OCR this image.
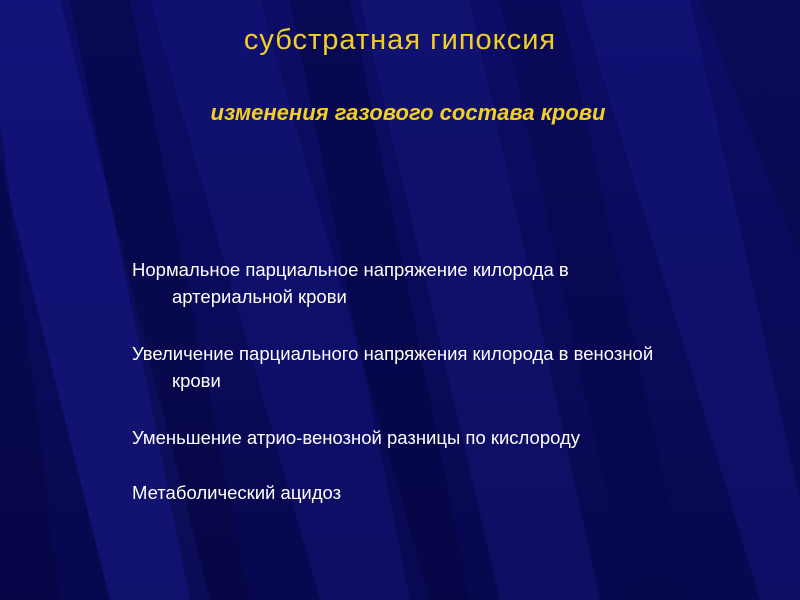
субстратная гипоксия
изменения газового состава крови
Нормальное парциальное напряжение килорода в артериальной крови
Увеличение парциального напряжения килорода в венозной крови
Уменьшение атрио-венозной разницы по кислороду
Метаболический ацидоз
